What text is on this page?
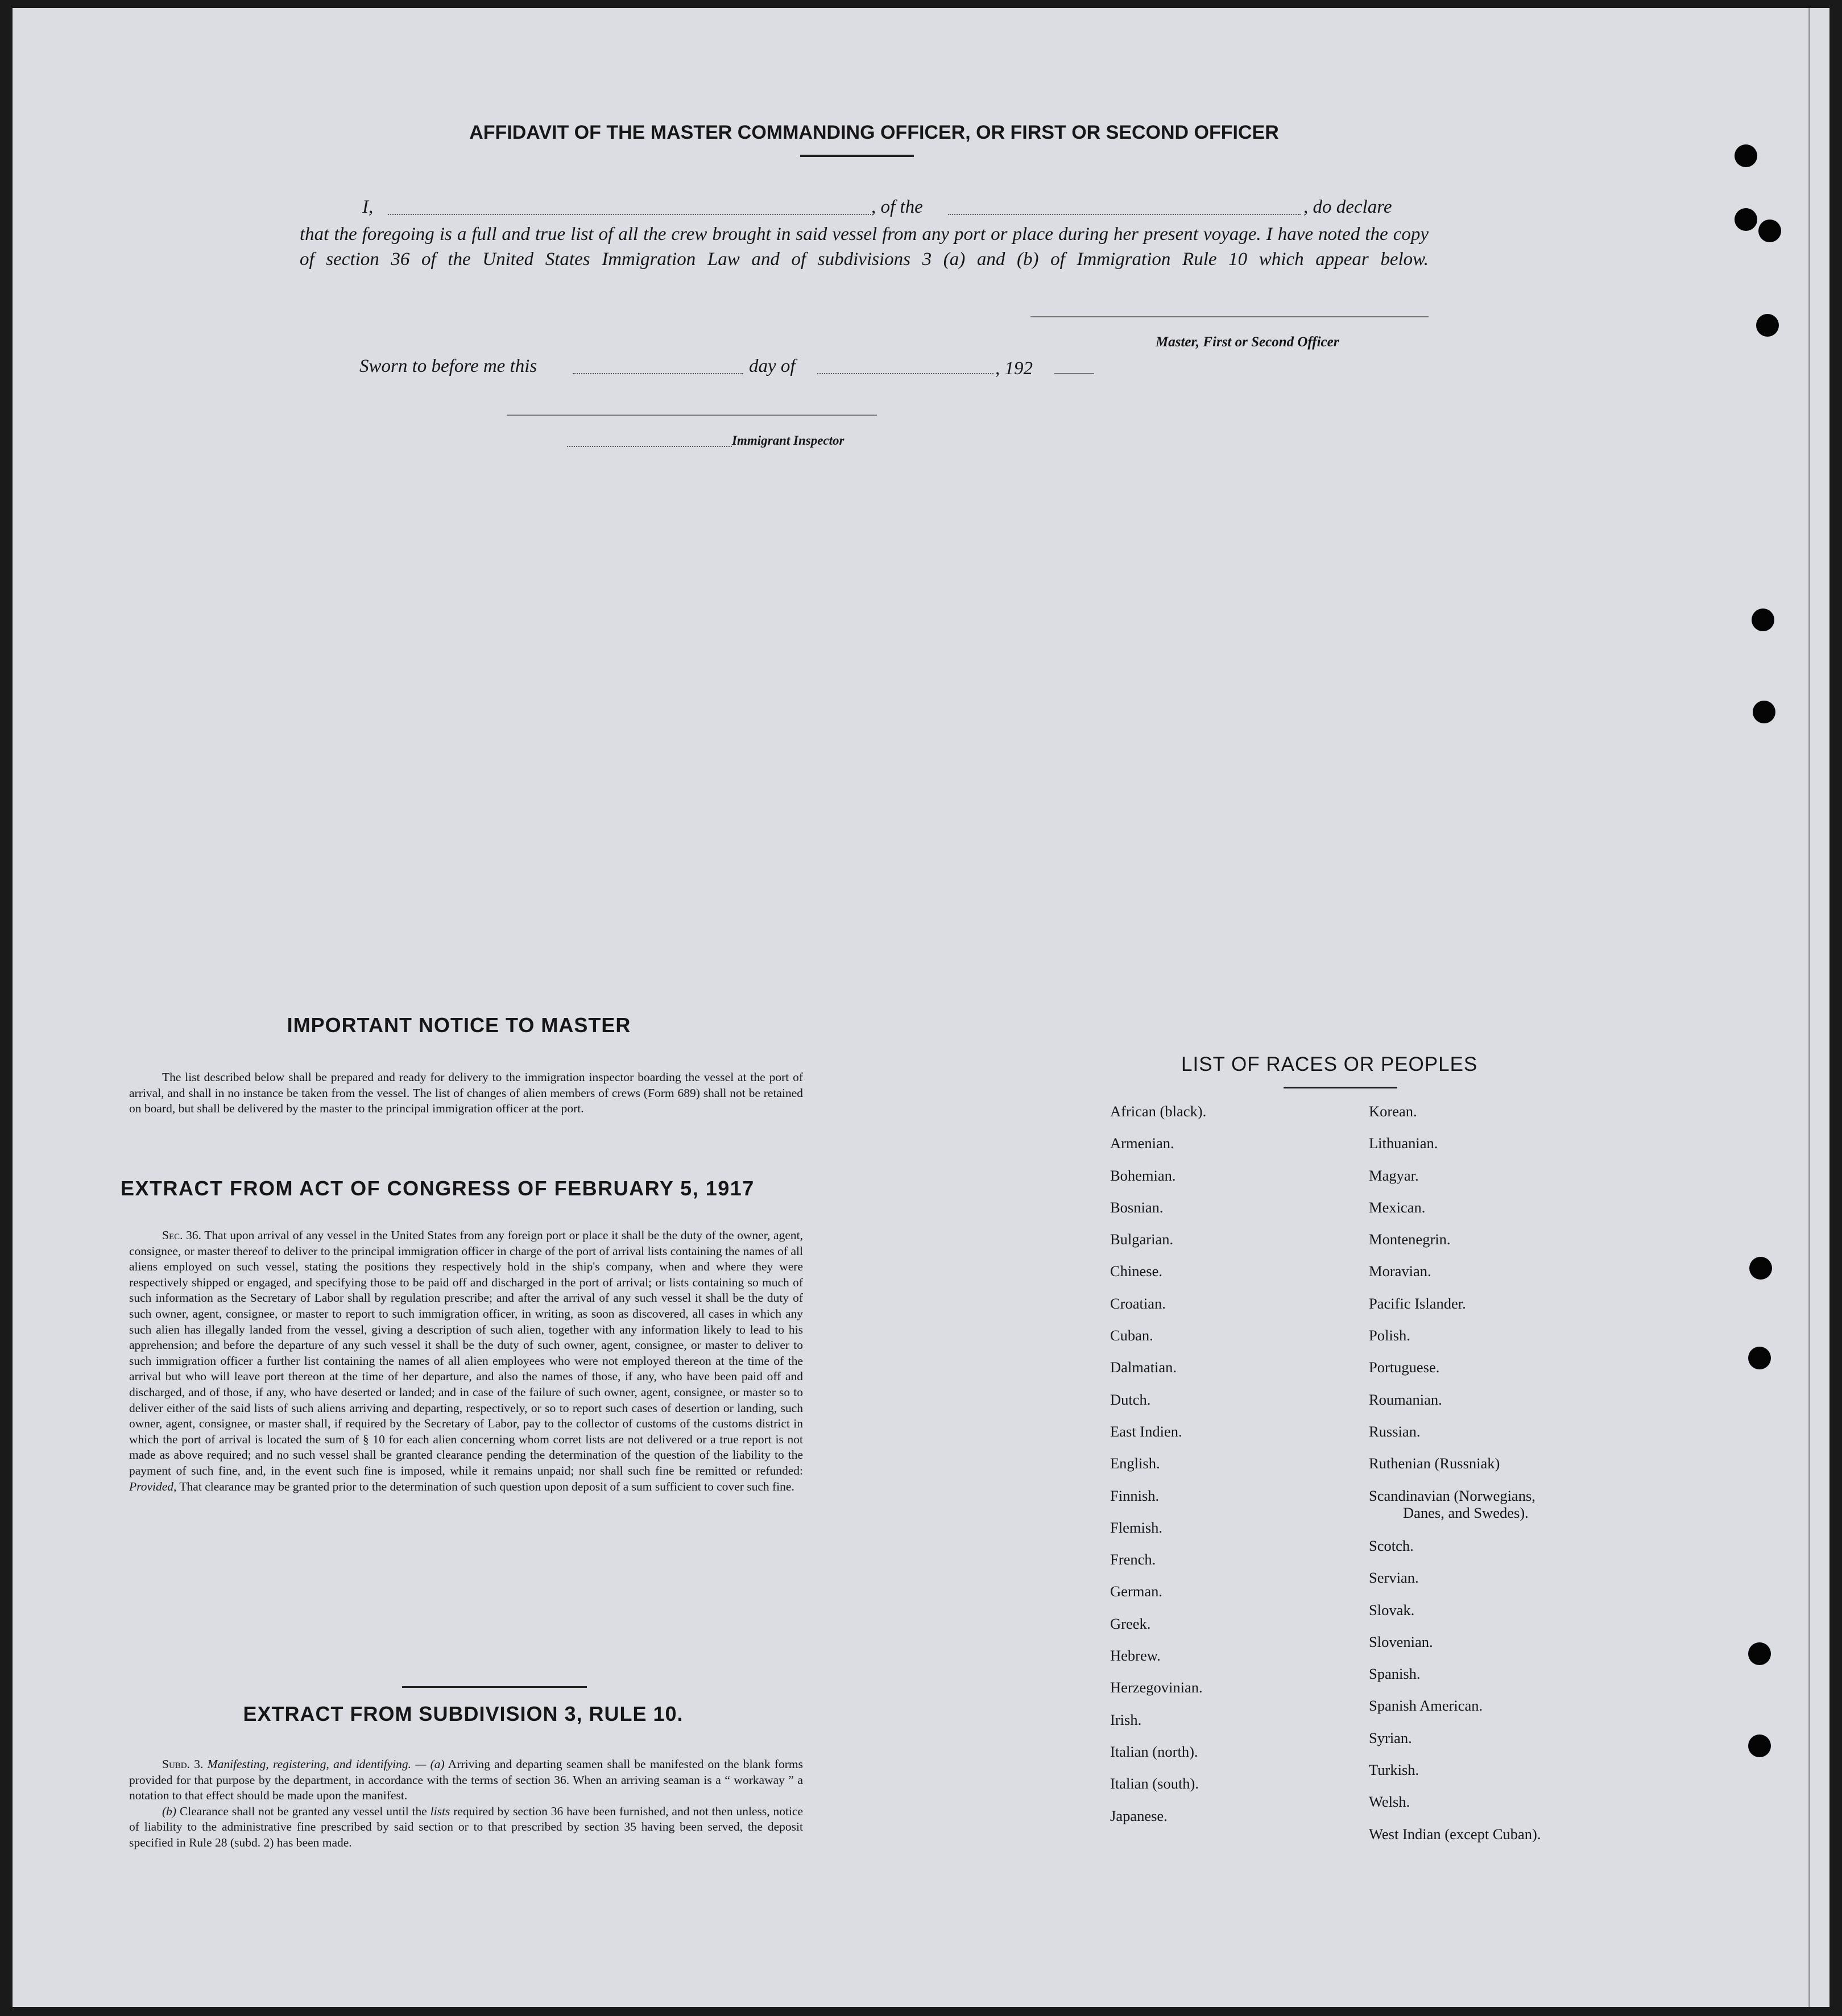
AFFIDAVIT OF THE MASTER COMMANDING OFFICER, OR FIRST OR SECOND OFFICER
I,	, of the	, do declare
that the foregoing is a full and true list of all the crew brought in said vessel from any port or place during her present voyage. I have noted the copy of section 36 of the United States Immigration Law and of subdivisions 3 (a) and (b) of Immigration Rule 10 which appear below.
Master, First or Second Officer
Sworn to before me this	day of	, 192
Immigrant Inspector
IMPORTANT NOTICE TO MASTER

The list described below shall be prepared and ready for delivery to the immigration inspector boarding the vessel at the port of arrival, and shall in no instance be taken from the vessel. The list of changes of alien members of crews (Form 689) shall not be retained on board, but shall be delivered by the master to the principal immigration officer at the port.

EXTRACT FROM ACT OF CONGRESS OF FEBRUARY 5, 1917

Sec. 36. That upon arrival of any vessel in the United States from any foreign port or place it shall be the duty of the owner, agent, consignee, or master thereof to deliver to the principal immigration officer in charge of the port of arrival lists containing the names of all aliens employed on such vessel, stating the positions they respectively hold in the ship's company, when and where they were respectively shipped or engaged, and specifying those to be paid off and discharged in the port of arrival; or lists containing so much of such information as the Secretary of Labor shall by regulation prescribe; and after the arrival of any such vessel it shall be the duty of such owner, agent, consignee, or master to report to such immigration officer, in writing, as soon as discovered, all cases in which any such alien has illegally landed from the vessel, giving a description of such alien, together with any information likely to lead to his apprehension; and before the departure of any such vessel it shall be the duty of such owner, agent, consignee, or master to deliver to such immigration officer a further list containing the names of all alien employees who were not employed thereon at the time of the arrival but who will leave port thereon at the time of her departure, and also the names of those, if any, who have been paid off and discharged, and of those, if any, who have deserted or landed; and in case of the failure of such owner, agent, consignee, or master so to deliver either of the said lists of such aliens arriving and departing, respectively, or so to report such cases of desertion or landing, such owner, agent, consignee, or master shall, if required by the Secretary of Labor, pay to the collector of customs of the customs district in which the port of arrival is located the sum of § 10 for each alien concerning whom corret lists are not delivered or a true report is not made as above required; and no such vessel shall be granted clearance pending the determination of the question of the liability to the payment of such fine, and, in the event such fine is imposed, while it remains unpaid; nor shall such fine be remitted or refunded: Provided, That clearance may be granted prior to the determination of such question upon deposit of a sum sufficient to cover such fine.

EXTRACT FROM SUBDIVISION 3, RULE 10.

Subd. 3. Manifesting, registering, and identifying. — (a) Arriving and departing seamen shall be manifested on the blank forms provided for that purpose by the department, in accordance with the terms of section 36. When an arriving seaman is a “ workaway ” a notation to that effect should be made upon the manifest.

(b) Clearance shall not be granted any vessel until the lists required by section 36 have been furnished, and not then unless, notice of liability to the administrative fine prescribed by said section or to that prescribed by section 35 having been served, the deposit specified in Rule 28 (subd. 2) has been made.

LIST OF RACES OR PEOPLES
African (black).
Armenian.
Bohemian.
Bosnian.
Bulgarian.
Chinese.
Croatian.
Cuban.
Dalmatian.
Dutch.
East Indien.
English.
Finnish.
Flemish.
French.
German.
Greek.
Hebrew.
Herzegovinian.
Irish.
Italian (north).
Italian (south).
Japanese.
Korean.
Lithuanian.
Magyar.
Mexican.
Montenegrin.
Moravian.
Pacific Islander.
Polish.
Portuguese.
Roumanian.
Russian.
Ruthenian (Russniak)
Scandinavian (Norwegians,
Danes, and Swedes).
Scotch.
Servian.
Slovak.
Slovenian.
Spanish.
Spanish American.
Syrian.
Turkish.
Welsh.
West Indian (except Cuban).
